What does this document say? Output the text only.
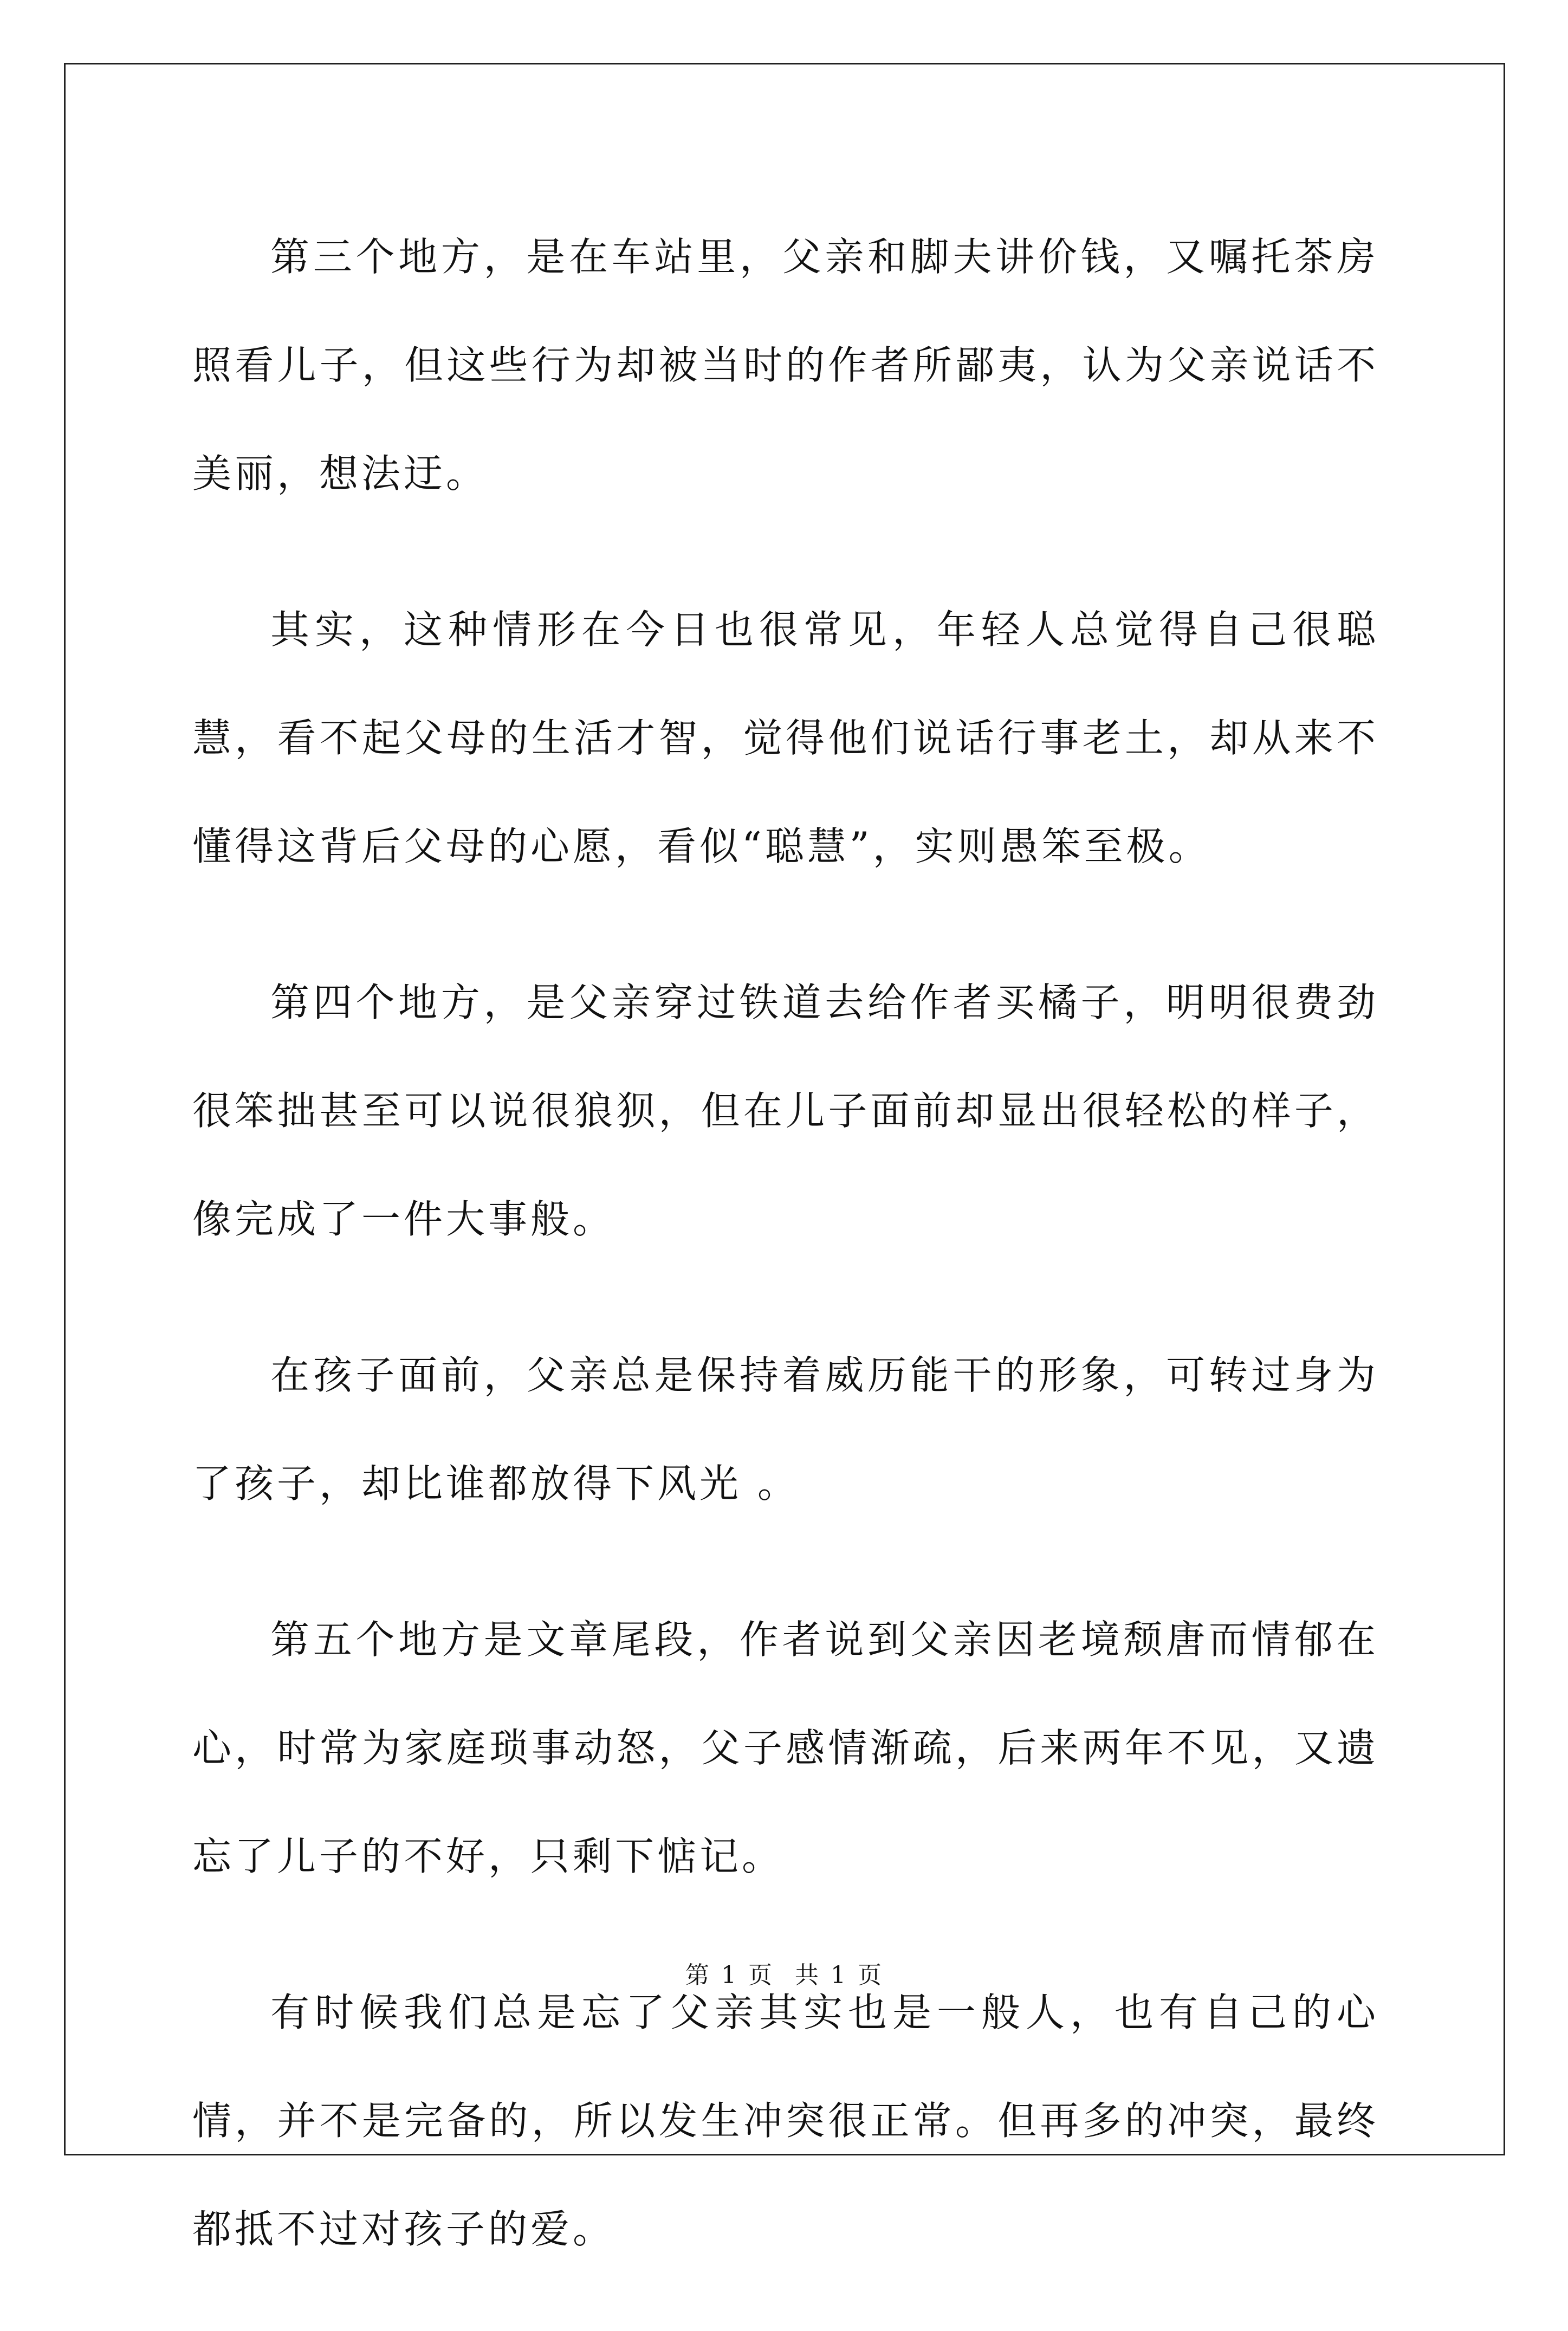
第三个地方，是在车站里，父亲和脚夫讲价钱，又嘱托茶房照看儿子，但这些行为却被当时的作者所鄙夷，认为父亲说话不美丽，想法迂。

其实，这种情形在今日也很常见，年轻人总觉得自己很聪慧，看不起父母的生活才智，觉得他们说话行事老土，却从来不懂得这背后父母的心愿，看似“聪慧”，实则愚笨至极。

第四个地方，是父亲穿过铁道去给作者买橘子，明明很费劲很笨拙甚至可以说很狼狈，但在儿子面前却显出很轻松的样子，像完成了一件大事般。

在孩子面前，父亲总是保持着威历能干的形象，可转过身为了孩子，却比谁都放得下风光 。

第五个地方是文章尾段，作者说到父亲因老境颓唐而情郁在心，时常为家庭琐事动怒，父子感情渐疏，后来两年不见，又遗忘了儿子的不好，只剩下惦记。

有时候我们总是忘了父亲其实也是一般人，也有自己的心情，并不是完备的，所以发生冲突很正常。但再多的冲突，最终都抵不过对孩子的爱。

第 1 页 共 1 页
